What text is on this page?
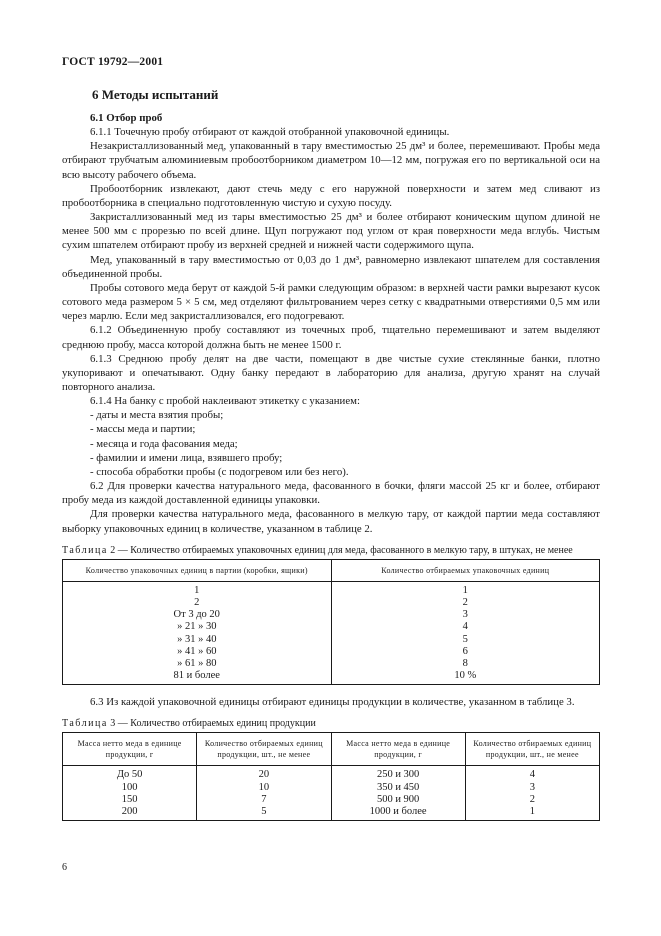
ГОСТ 19792—2001
6 Методы испытаний

6.1 Отбор проб

6.1.1 Точечную пробу отбирают от каждой отобранной упаковочной единицы.

Незакристаллизованный мед, упакованный в тару вместимостью 25 дм³ и более, перемешивают. Пробы меда отбирают трубчатым алюминиевым пробоотборником диаметром 10—12 мм, погружая его по вертикальной оси на всю высоту рабочего объема.

Пробоотборник извлекают, дают стечь меду с его наружной поверхности и затем мед сливают из пробоотборника в специально подготовленную чистую и сухую посуду.

Закристаллизованный мед из тары вместимостью 25 дм³ и более отбирают коническим щупом длиной не менее 500 мм с прорезью по всей длине. Щуп погружают под углом от края поверхности меда вглубь. Чистым сухим шпателем отбирают пробу из верхней средней и нижней части содержимого щупа.

Мед, упакованный в тару вместимостью от 0,03 до 1 дм³, равномерно извлекают шпателем для составления объединенной пробы.

Пробы сотового меда берут от каждой 5-й рамки следующим образом: в верхней части рамки вырезают кусок сотового меда размером 5 × 5 см, мед отделяют фильтрованием через сетку с квадратными отверстиями 0,5 мм или через марлю. Если мед закристаллизовался, его подогревают.

6.1.2 Объединенную пробу составляют из точечных проб, тщательно перемешивают и затем выделяют среднюю пробу, масса которой должна быть не менее 1500 г.

6.1.3 Среднюю пробу делят на две части, помещают в две чистые сухие стеклянные банки, плотно укупоривают и опечатывают. Одну банку передают в лабораторию для анализа, другую хранят на случай повторного анализа.

6.1.4 На банку с пробой наклеивают этикетку с указанием:

- даты и места взятия пробы;

- массы меда и партии;

- месяца и года фасования меда;

- фамилии и имени лица, взявшего пробу;

- способа обработки пробы (с подогревом или без него).

6.2 Для проверки качества натурального меда, фасованного в бочки, фляги массой 25 кг и более, отбирают пробу меда из каждой доставленной единицы упаковки.

Для проверки качества натурального меда, фасованного в мелкую тару, от каждой партии меда составляют выборку упаковочных единиц в количестве, указанном в таблице 2.

Таблица 2 — Количество отбираемых упаковочных единиц для меда, фасованного в мелкую тару, в штуках, не менее

Количество упаковочных единиц в партии (коробки, ящики)	Количество отбираемых упаковочных единиц
1	1
2	2
От 3 до 20	3
» 21 » 30	4
» 31 » 40	5
» 41 » 60	6
» 61 » 80	8
81 и более	10 %

6.3 Из каждой упаковочной единицы отбирают единицы продукции в количестве, указанном в таблице 3.

Таблица 3 — Количество отбираемых единиц продукции

Масса нетто меда в единице продукции, г	Количество отбираемых единиц продукции, шт., не менее	Масса нетто меда в единице продукции, г	Количество отбираемых единиц продукции, шт., не менее
До 50	20	250 и 300	4
100	10	350 и 450	3
150	7	500 и 900	2
200	5	1000 и более	1
6
